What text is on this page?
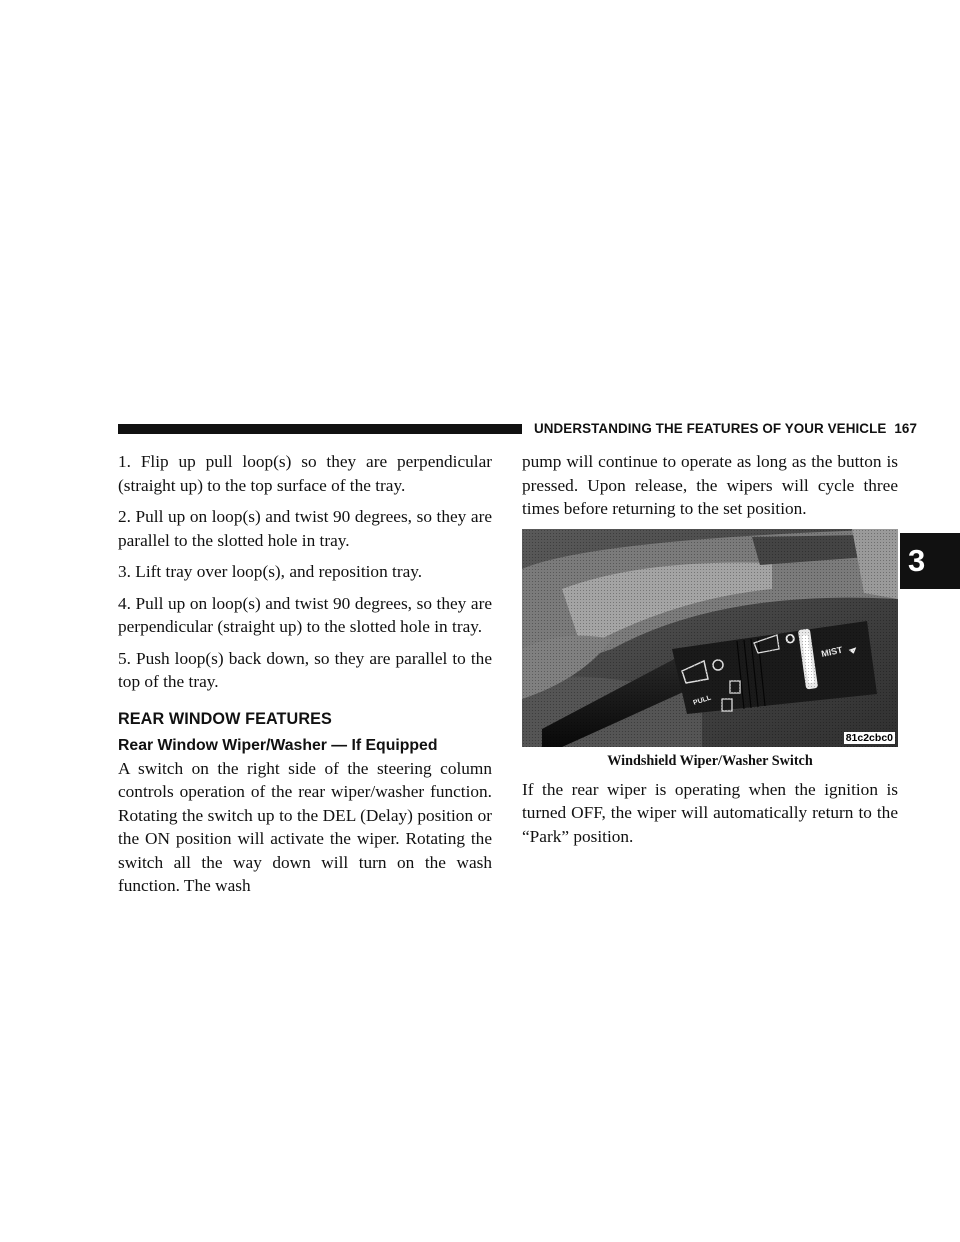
UNDERSTANDING THE FEATURES OF YOUR VEHICLE 167
3

1. Flip up pull loop(s) so they are perpendicular (straight up) to the top surface of the tray.

2. Pull up on loop(s) and twist 90 degrees, so they are parallel to the slotted hole in tray.

3. Lift tray over loop(s), and reposition tray.

4. Pull up on loop(s) and twist 90 degrees, so they are perpendicular (straight up) to the slotted hole in tray.

5. Push loop(s) back down, so they are parallel to the top of the tray.

REAR WINDOW FEATURES
Rear Window Wiper/Washer — If Equipped

A switch on the right side of the steering column controls operation of the rear wiper/washer function. Rotating the switch up to the DEL (Delay) position or the ON position will activate the wiper. Rotating the switch all the way down will turn on the wash function. The wash

pump will continue to operate as long as the button is pressed. Upon release, the wipers will cycle three times before returning to the set position.

81c2cbc0
Windshield Wiper/Washer Switch

If the rear wiper is operating when the ignition is turned OFF, the wiper will automatically return to the “Park” position.
